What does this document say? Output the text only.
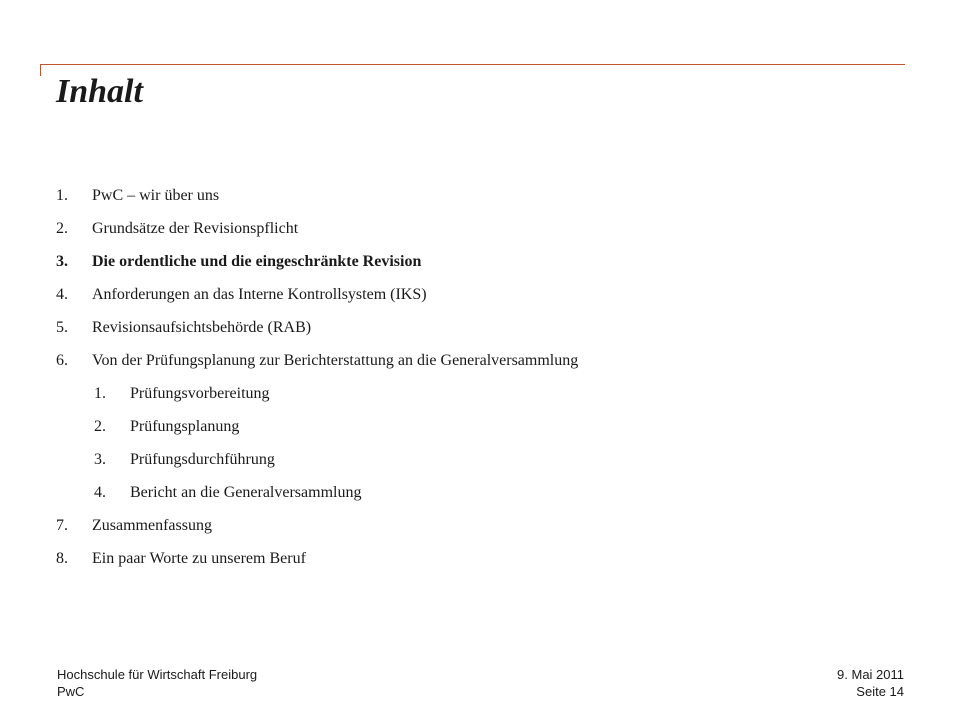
Inhalt
1.	PwC – wir über uns
2.	Grundsätze der Revisionspflicht
3.	Die ordentliche und die eingeschränkte Revision
4.	Anforderungen an das Interne Kontrollsystem (IKS)
5.	Revisionsaufsichtsbehörde (RAB)
6.	Von der Prüfungsplanung zur Berichterstattung an die Generalversammlung
1.	Prüfungsvorbereitung
2.	Prüfungsplanung
3.	Prüfungsdurchführung
4.	Bericht an die Generalversammlung
7.	Zusammenfassung
8.	Ein paar Worte zu unserem Beruf
Hochschule für Wirtschaft Freiburg
PwC
9. Mai 2011
Seite 14
